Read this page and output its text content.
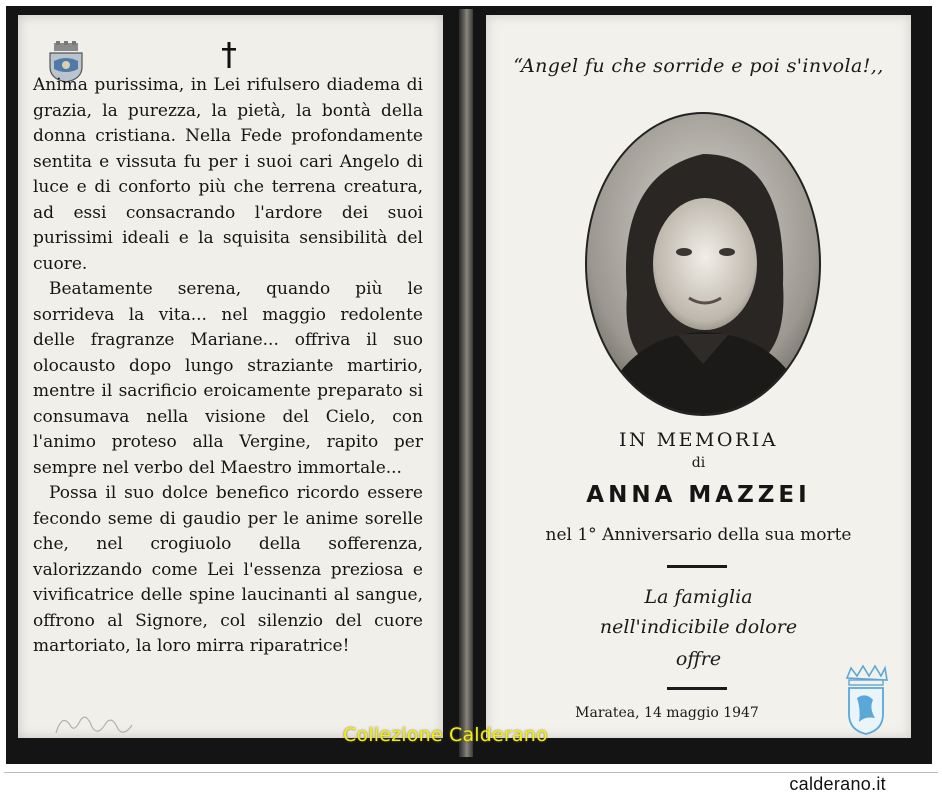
Anima purissima, in Lei rifulsero diadema di grazia, la purezza, la pietà, la bontà della donna cristiana. Nella Fede profondamente sentita e vissuta fu per i suoi cari Angelo di luce e di conforto più che terrena creatura, ad essi consacrando l'ardore dei suoi purissimi ideali e la squisita sensibilità del cuore.

Beatamente serena, quando più le sorrideva la vita... nel maggio redolente delle fragranze Mariane... offriva il suo olocausto dopo lungo straziante martirio, mentre il sacrificio eroicamente preparato si consumava nella visione del Cielo, con l'animo proteso alla Vergine, rapito per sempre nel verbo del Maestro immortale...

Possa il suo dolce benefico ricordo essere fecondo seme di gaudio per le anime sorelle che, nel crogiuolo della sofferenza, valorizzando come Lei l'essenza preziosa e vivificatrice delle spine laucinanti al sangue, offrono al Signore, col silenzio del cuore martoriato, la loro mirra riparatrice!

“Angel fu che sorride e poi s'invola!,,
IN MEMORIA
di
ANNA MAZZEI
nel 1° Anniversario della sua morte
La famiglia
nell'indicibile dolore
offre
Maratea, 14 maggio 1947
Collezione Calderano
calderano.it
